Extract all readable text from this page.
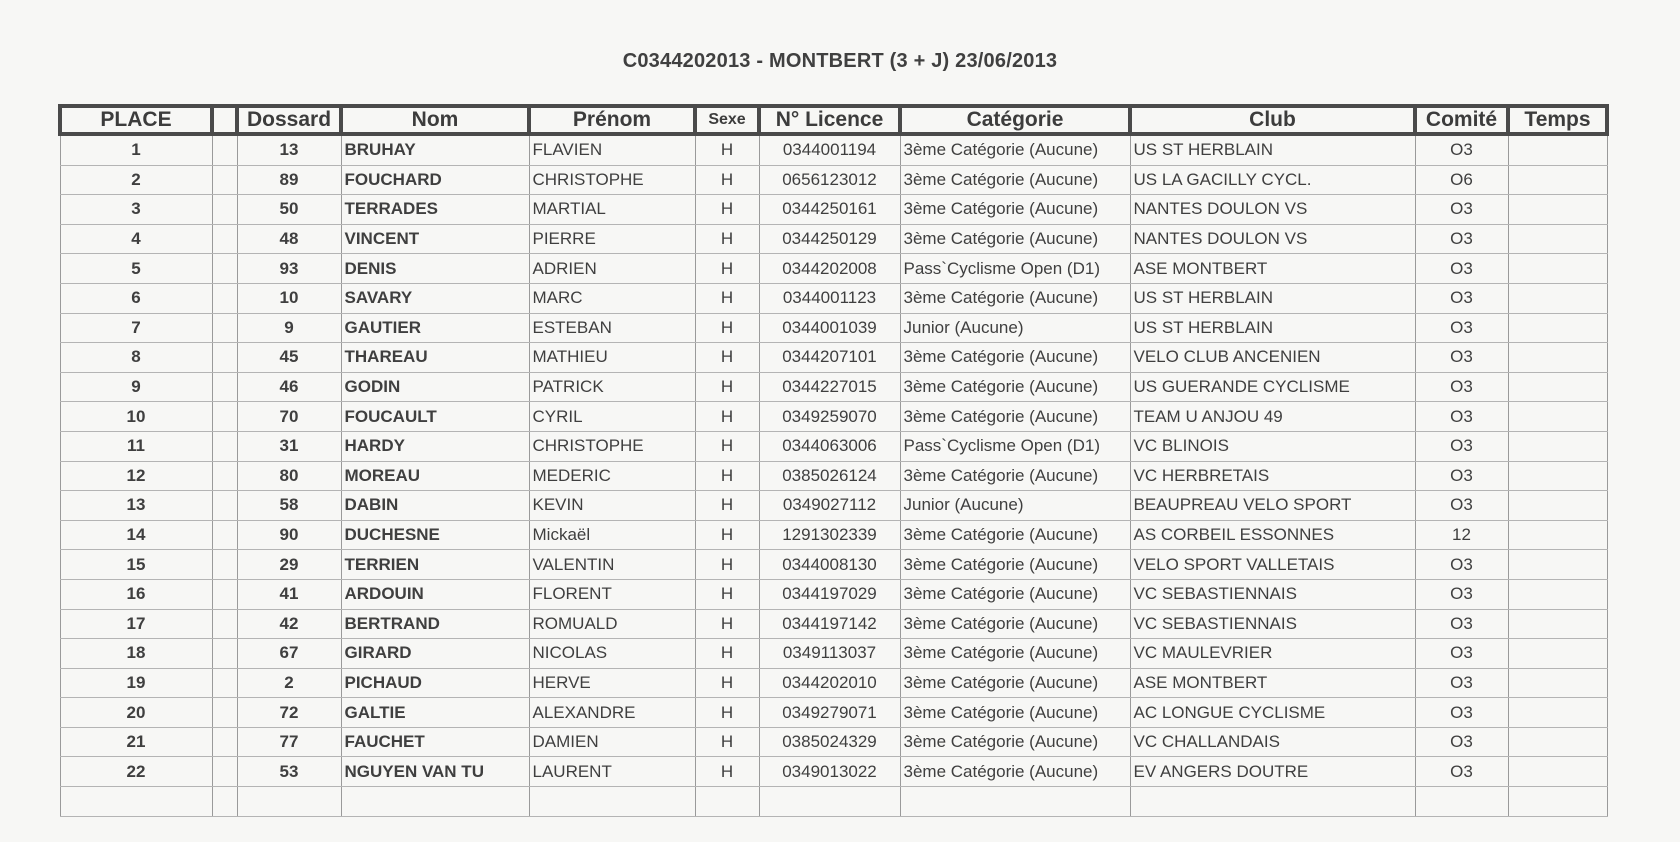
C0344202013 - MONTBERT (3 + J) 23/06/2013
PLACE		Dossard	Nom	Prénom	Sexe	N° Licence	Catégorie	Club	Comité	Temps
1		13	BRUHAY	FLAVIEN	H	0344001194	3ème Catégorie (Aucune)	US ST HERBLAIN	O3	
2		89	FOUCHARD	CHRISTOPHE	H	0656123012	3ème Catégorie (Aucune)	US LA GACILLY CYCL.	O6	
3		50	TERRADES	MARTIAL	H	0344250161	3ème Catégorie (Aucune)	NANTES DOULON VS	O3	
4		48	VINCENT	PIERRE	H	0344250129	3ème Catégorie (Aucune)	NANTES DOULON VS	O3	
5		93	DENIS	ADRIEN	H	0344202008	Pass`Cyclisme Open (D1)	ASE MONTBERT	O3	
6		10	SAVARY	MARC	H	0344001123	3ème Catégorie (Aucune)	US ST HERBLAIN	O3	
7		9	GAUTIER	ESTEBAN	H	0344001039	Junior (Aucune)	US ST HERBLAIN	O3	
8		45	THAREAU	MATHIEU	H	0344207101	3ème Catégorie (Aucune)	VELO CLUB ANCENIEN	O3	
9		46	GODIN	PATRICK	H	0344227015	3ème Catégorie (Aucune)	US GUERANDE CYCLISME	O3	
10		70	FOUCAULT	CYRIL	H	0349259070	3ème Catégorie (Aucune)	TEAM U ANJOU 49	O3	
11		31	HARDY	CHRISTOPHE	H	0344063006	Pass`Cyclisme Open (D1)	VC BLINOIS	O3	
12		80	MOREAU	MEDERIC	H	0385026124	3ème Catégorie (Aucune)	VC HERBRETAIS	O3	
13		58	DABIN	KEVIN	H	0349027112	Junior (Aucune)	BEAUPREAU VELO SPORT	O3	
14		90	DUCHESNE	Mickaël	H	1291302339	3ème Catégorie (Aucune)	AS CORBEIL ESSONNES	12	
15		29	TERRIEN	VALENTIN	H	0344008130	3ème Catégorie (Aucune)	VELO SPORT VALLETAIS	O3	
16		41	ARDOUIN	FLORENT	H	0344197029	3ème Catégorie (Aucune)	VC SEBASTIENNAIS	O3	
17		42	BERTRAND	ROMUALD	H	0344197142	3ème Catégorie (Aucune)	VC SEBASTIENNAIS	O3	
18		67	GIRARD	NICOLAS	H	0349113037	3ème Catégorie (Aucune)	VC MAULEVRIER	O3	
19		2	PICHAUD	HERVE	H	0344202010	3ème Catégorie (Aucune)	ASE MONTBERT	O3	
20		72	GALTIE	ALEXANDRE	H	0349279071	3ème Catégorie (Aucune)	AC LONGUE CYCLISME	O3	
21		77	FAUCHET	DAMIEN	H	0385024329	3ème Catégorie (Aucune)	VC CHALLANDAIS	O3	
22		53	NGUYEN VAN TU	LAURENT	H	0349013022	3ème Catégorie (Aucune)	EV ANGERS DOUTRE	O3	
